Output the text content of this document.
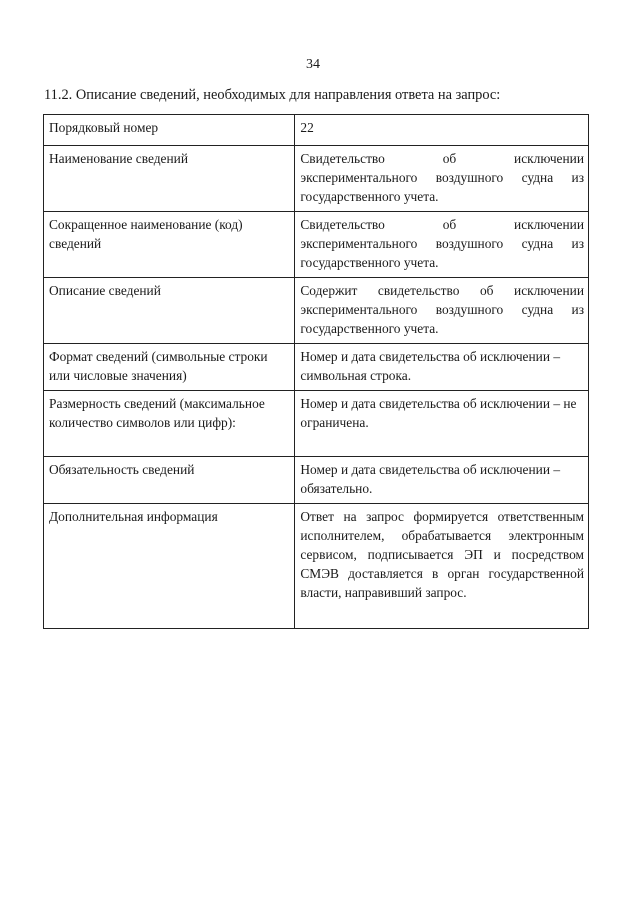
34
11.2. Описание сведений, необходимых для направления ответа на запрос:
Порядковый номер	22
Наименование сведений	Свидетельство об исключении экспериментального воздушного судна из государственного учета.
Сокращенное наименование (код) сведений	Свидетельство об исключении экспериментального воздушного судна из государственного учета.
Описание сведений	Содержит свидетельство об исключении экспериментального воздушного судна из государственного учета.
Формат сведений (символьные строки или числовые значения)	Номер и дата свидетельства об исключении – символьная строка.
Размерность сведений (максимальное количество символов или цифр):	Номер и дата свидетельства об исключении – не ограничена.
Обязательность сведений	Номер и дата свидетельства об исключении – обязательно.
Дополнительная информация	Ответ на запрос формируется ответственным исполнителем, обрабатывается электронным сервисом, подписывается ЭП и посредством СМЭВ доставляется в орган государственной власти, направивший запрос.
